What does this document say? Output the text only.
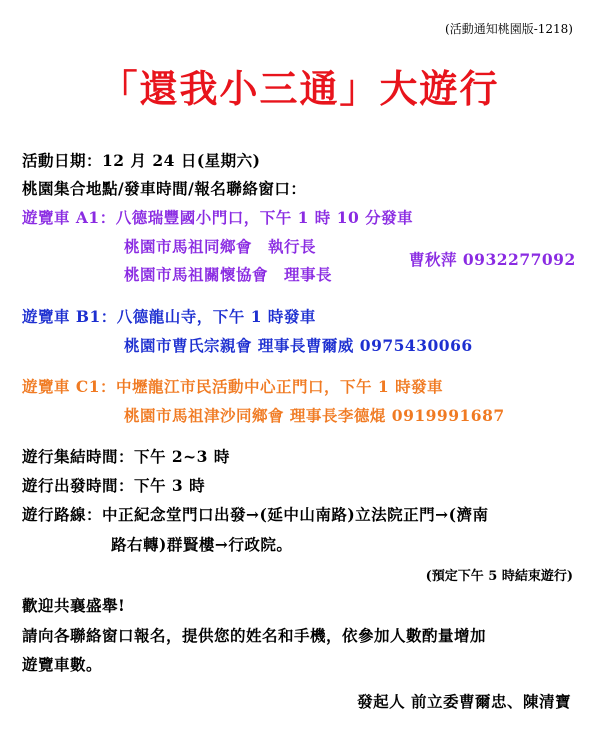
(活動通知桃園版-1218)
「還我小三通」大遊行
活動日期：12 月 24 日(星期六)
桃園集合地點/發車時間/報名聯絡窗口：
遊覽車 A1：八德瑞豐國小門口，下午 1 時 10 分發車
桃園市馬祖同鄉會　執行長
桃園市馬祖關懷協會　理事長
曹秋萍 0932277092
遊覽車 B1：八德龍山寺，下午 1 時發車
桃園市曹氏宗親會 理事長曹爾威 0975430066
遊覽車 C1：中壢龍江市民活動中心正門口，下午 1 時發車
桃園市馬祖津沙同鄉會 理事長李德焜 0919991687
遊行集結時間：下午 2~3 時
遊行出發時間：下午 3 時
遊行路線：中正紀念堂門口出發→(延中山南路)立法院正門→(濟南
路右轉)群賢樓→行政院。
(預定下午 5 時結束遊行)
歡迎共襄盛舉!
請向各聯絡窗口報名，提供您的姓名和手機，依參加人數酌量增加
遊覽車數。
發起人 前立委曹爾忠、陳清寶
